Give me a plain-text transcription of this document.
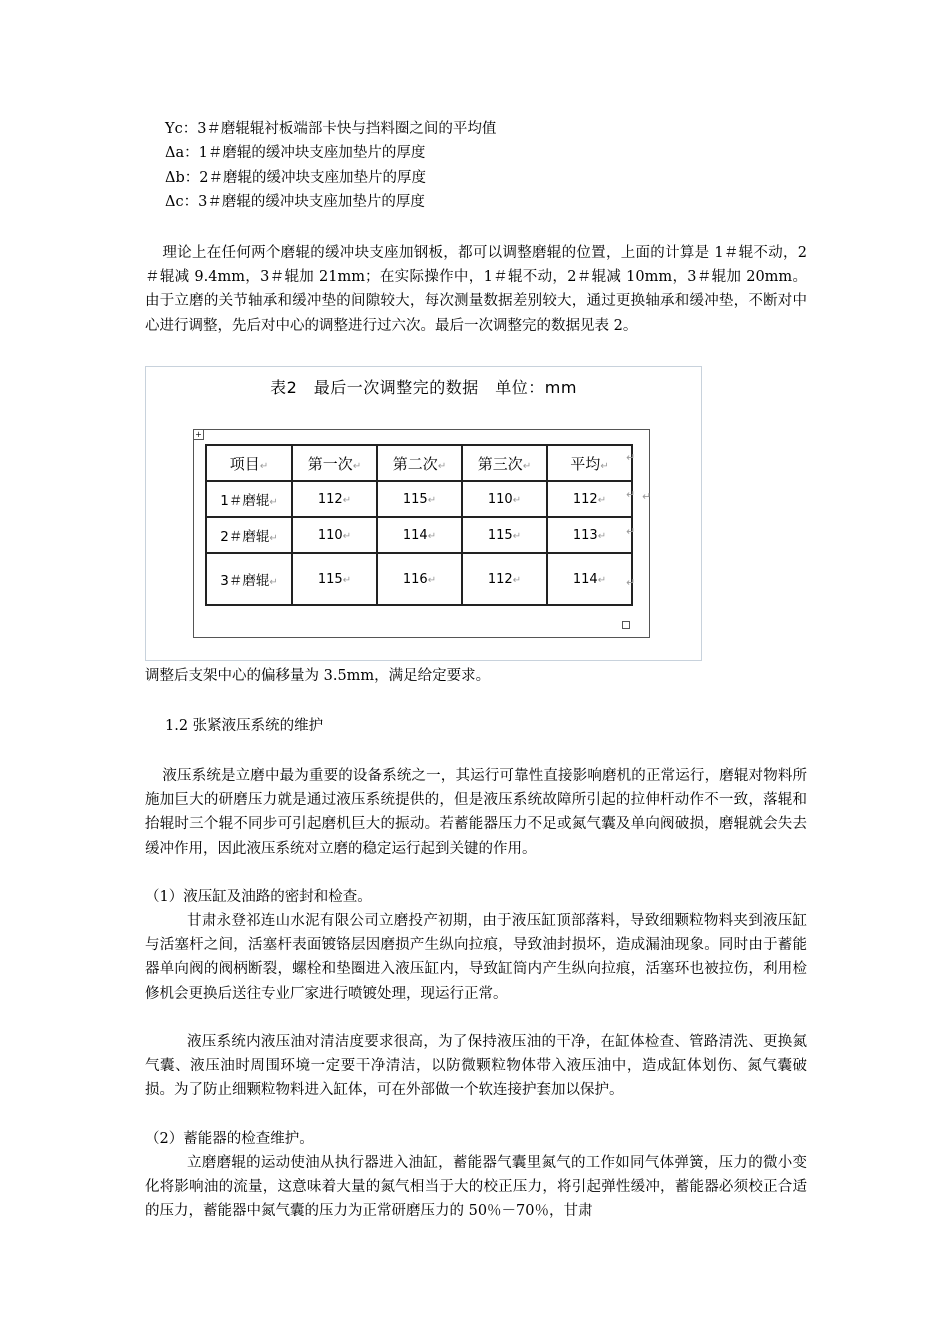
Yc：3＃磨辊辊衬板端部卡快与挡料圈之间的平均值
Δa：1＃磨辊的缓冲块支座加垫片的厚度
Δb：2＃磨辊的缓冲块支座加垫片的厚度
Δc：3＃磨辊的缓冲块支座加垫片的厚度
理论上在任何两个磨辊的缓冲块支座加钢板，都可以调整磨辊的位置，上面的计算是 1＃辊不动，2＃辊减 9.4mm，3＃辊加 21mm；在实际操作中，1＃辊不动，2＃辊减 10mm，3＃辊加 20mm。由于立磨的关节轴承和缓冲垫的间隙较大，每次测量数据差别较大，通过更换轴承和缓冲垫，不断对中心进行调整，先后对中心的调整进行过六次。最后一次调整完的数据见表 2。
表2　最后一次调整完的数据　单位：mm
+
项目↵	第一次↵	第二次↵	第三次↵	平均↵
1＃磨辊↵	112↵	115↵	110↵	112↵
2＃磨辊↵	110↵	114↵	115↵	113↵
3＃磨辊↵	115↵	116↵	112↵	114↵
↵
↵ ↵
↵
↵
调整后支架中心的偏移量为 3.5mm，满足给定要求。
1.2 张紧液压系统的维护
液压系统是立磨中最为重要的设备系统之一，其运行可靠性直接影响磨机的正常运行，磨辊对物料所施加巨大的研磨压力就是通过液压系统提供的，但是液压系统故障所引起的拉伸杆动作不一致，落辊和抬辊时三个辊不同步可引起磨机巨大的振动。若蓄能器压力不足或氮气囊及单向阀破损，磨辊就会失去缓冲作用，因此液压系统对立磨的稳定运行起到关键的作用。
（1）液压缸及油路的密封和检查。
甘肃永登祁连山水泥有限公司立磨投产初期，由于液压缸顶部落料，导致细颗粒物料夹到液压缸与活塞杆之间，活塞杆表面镀铬层因磨损产生纵向拉痕，导致油封损坏，造成漏油现象。同时由于蓄能器单向阀的阀柄断裂，螺栓和垫圈进入液压缸内，导致缸筒内产生纵向拉痕，活塞环也被拉伤，利用检修机会更换后送往专业厂家进行喷镀处理，现运行正常。
液压系统内液压油对清洁度要求很高，为了保持液压油的干净，在缸体检查、管路清洗、更换氮气囊、液压油时周围环境一定要干净清洁，以防微颗粒物体带入液压油中，造成缸体划伤、氮气囊破损。为了防止细颗粒物料进入缸体，可在外部做一个软连接护套加以保护。
（2）蓄能器的检查维护。
立磨磨辊的运动使油从执行器进入油缸，蓄能器气囊里氮气的工作如同气体弹簧，压力的微小变化将影响油的流量，这意味着大量的氮气相当于大的校正压力，将引起弹性缓冲，蓄能器必须校正合适的压力，蓄能器中氮气囊的压力为正常研磨压力的 50％－70％，甘肃
